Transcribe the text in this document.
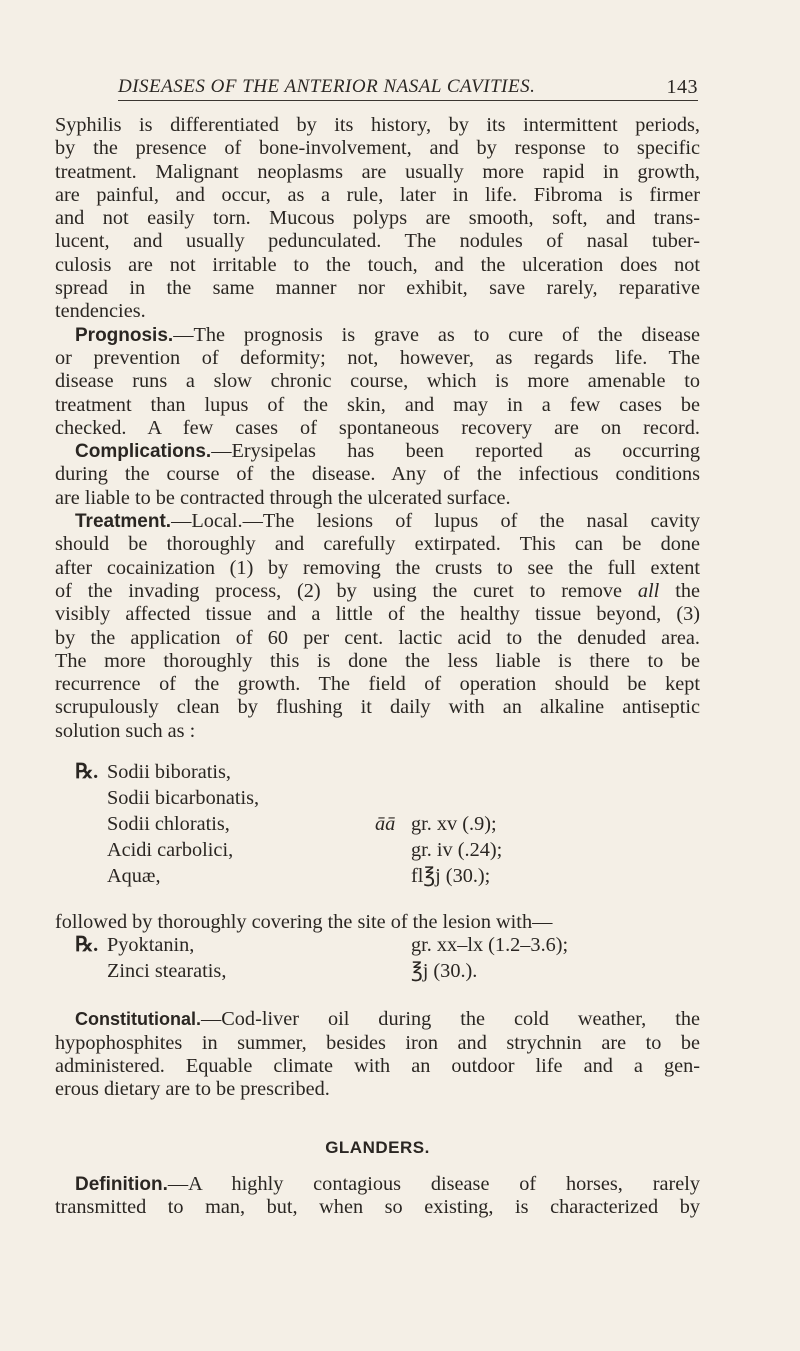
DISEASES OF THE ANTERIOR NASAL CAVITIES.	143
Syphilis is differentiated by its history, by its intermittent periods,
by the presence of bone-involvement, and by response to specific
treatment. Malignant neoplasms are usually more rapid in growth,
are painful, and occur, as a rule, later in life. Fibroma is firmer
and not easily torn. Mucous polyps are smooth, soft, and trans-
lucent, and usually pedunculated. The nodules of nasal tuber-
culosis are not irritable to the touch, and the ulceration does not
spread in the same manner nor exhibit, save rarely, reparative
tendencies.
Prognosis.—The prognosis is grave as to cure of the disease
or prevention of deformity; not, however, as regards life. The
disease runs a slow chronic course, which is more amenable to
treatment than lupus of the skin, and may in a few cases be
checked. A few cases of spontaneous recovery are on record.
Complications.—Erysipelas has been reported as occurring
during the course of the disease. Any of the infectious conditions
are liable to be contracted through the ulcerated surface.
Treatment.—Local.—The lesions of lupus of the nasal cavity
should be thoroughly and carefully extirpated. This can be done
after cocainization (1) by removing the crusts to see the full extent
of the invading process, (2) by using the curet to remove all the
visibly affected tissue and a little of the healthy tissue beyond, (3)
by the application of 60 per cent. lactic acid to the denuded area.
The more thoroughly this is done the less liable is there to be
recurrence of the growth. The field of operation should be kept
scrupulously clean by flushing it daily with an alkaline antiseptic
solution such as :
℞. Sodii biboratis,
Sodii bicarbonatis,
Sodii chloratis,	āā gr. xv (.9);
Acidi carbolici,	gr. iv (.24);
Aquæ,	fl℥j (30.);
followed by thoroughly covering the site of the lesion with—
℞. Pyoktanin,	gr. xx–lx (1.2–3.6);
Zinci stearatis,	℥j (30.).
Constitutional.—Cod-liver oil during the cold weather, the
hypophosphites in summer, besides iron and strychnin are to be
administered. Equable climate with an outdoor life and a gen-
erous dietary are to be prescribed.
GLANDERS.
Definition.—A highly contagious disease of horses, rarely
transmitted to man, but, when so existing, is characterized by
